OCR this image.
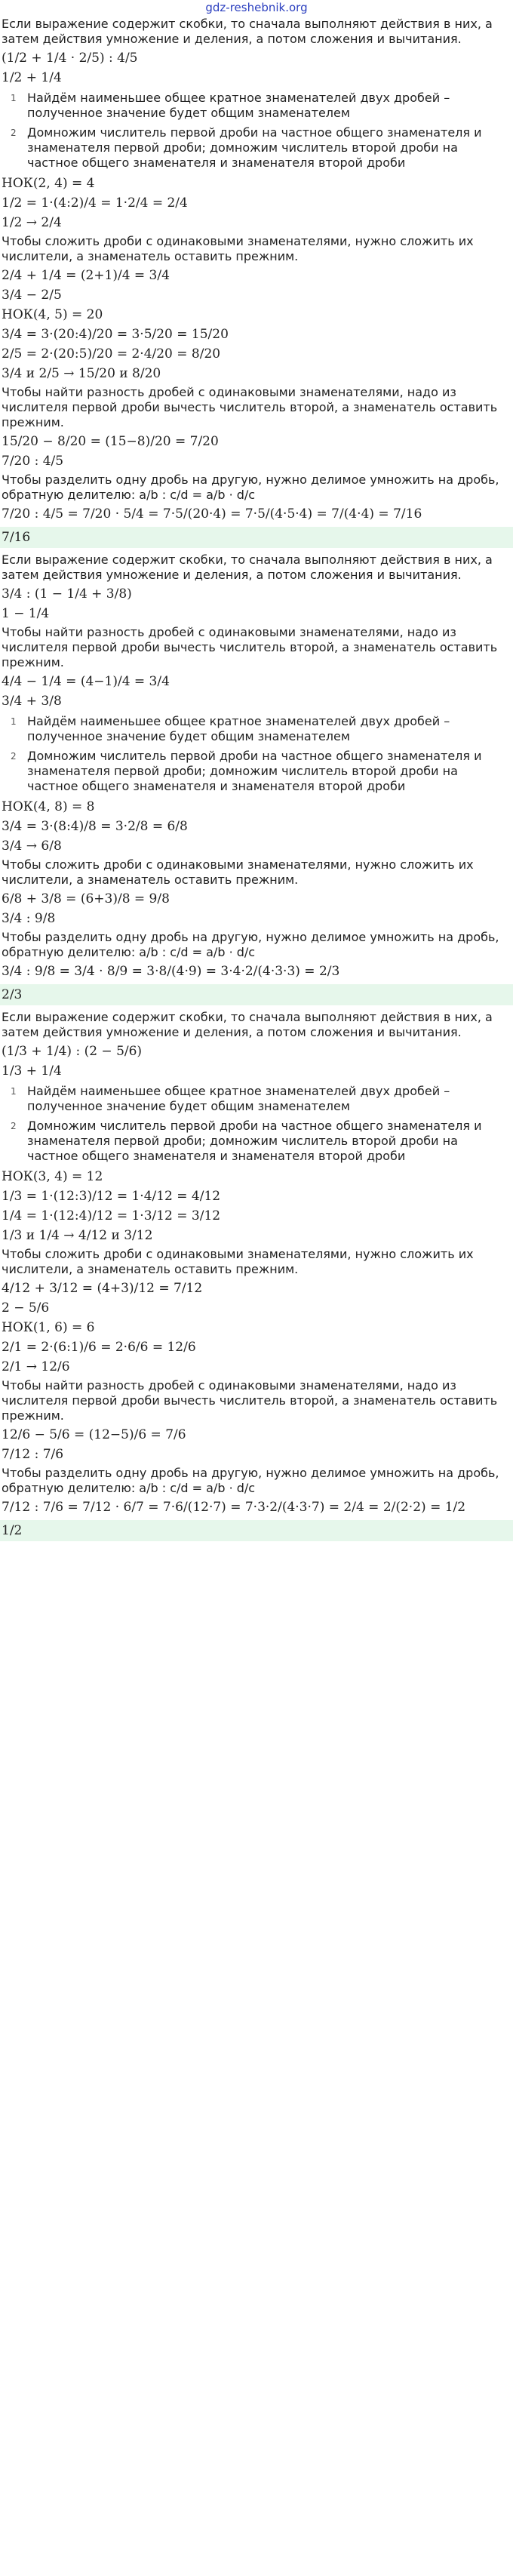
gdz-reshebnik.org

Если выражение содержит скобки, то сначала выполняют действия в них, а затем действия умножение и деления, а потом сложения и вычитания.

(1/2 + 1/4 · 2/5) : 4/5
1/2 + 1/4
1 Найдём наименьшее общее кратное знаменателей двух дробей – полученное значение будет общим знаменателем
2 Домножим числитель первой дроби на частное общего знаменателя и знаменателя первой дроби; домножим числитель второй дроби на частное общего знаменателя и знаменателя второй дроби
НОК(2, 4) = 4
1/2 = 1·(4:2)/4 = 1·2/4 = 2/4
1/2 → 2/4

Чтобы сложить дроби с одинаковыми знаменателями, нужно сложить их числители, а знаменатель оставить прежним.

2/4 + 1/4 = (2+1)/4 = 3/4
3/4 − 2/5
НОК(4, 5) = 20
3/4 = 3·(20:4)/20 = 3·5/20 = 15/20
2/5 = 2·(20:5)/20 = 2·4/20 = 8/20
3/4 и 2/5 → 15/20 и 8/20

Чтобы найти разность дробей с одинаковыми знаменателями, надо из числителя первой дроби вычесть числитель второй, а знаменатель оставить прежним.

15/20 − 8/20 = (15−8)/20 = 7/20
7/20 : 4/5

Чтобы разделить одну дробь на другую, нужно делимое умножить на дробь, обратную делителю: a/b : c/d = a/b · d/c

7/20 : 4/5 = 7/20 · 5/4 = 7·5/(20·4) = 7·5/(4·5·4) = 7/(4·4) = 7/16
7/16

Если выражение содержит скобки, то сначала выполняют действия в них, а затем действия умножение и деления, а потом сложения и вычитания.

3/4 : (1 − 1/4 + 3/8)
1 − 1/4

Чтобы найти разность дробей с одинаковыми знаменателями, надо из числителя первой дроби вычесть числитель второй, а знаменатель оставить прежним.

4/4 − 1/4 = (4−1)/4 = 3/4
3/4 + 3/8
1 Найдём наименьшее общее кратное знаменателей двух дробей – полученное значение будет общим знаменателем
2 Домножим числитель первой дроби на частное общего знаменателя и знаменателя первой дроби; домножим числитель второй дроби на частное общего знаменателя и знаменателя второй дроби
НОК(4, 8) = 8
3/4 = 3·(8:4)/8 = 3·2/8 = 6/8
3/4 → 6/8

Чтобы сложить дроби с одинаковыми знаменателями, нужно сложить их числители, а знаменатель оставить прежним.

6/8 + 3/8 = (6+3)/8 = 9/8
3/4 : 9/8

Чтобы разделить одну дробь на другую, нужно делимое умножить на дробь, обратную делителю: a/b : c/d = a/b · d/c

3/4 : 9/8 = 3/4 · 8/9 = 3·8/(4·9) = 3·4·2/(4·3·3) = 2/3
2/3

Если выражение содержит скобки, то сначала выполняют действия в них, а затем действия умножение и деления, а потом сложения и вычитания.

(1/3 + 1/4) : (2 − 5/6)
1/3 + 1/4
1 Найдём наименьшее общее кратное знаменателей двух дробей – полученное значение будет общим знаменателем
2 Домножим числитель первой дроби на частное общего знаменателя и знаменателя первой дроби; домножим числитель второй дроби на частное общего знаменателя и знаменателя второй дроби
НОК(3, 4) = 12
1/3 = 1·(12:3)/12 = 1·4/12 = 4/12
1/4 = 1·(12:4)/12 = 1·3/12 = 3/12
1/3 и 1/4 → 4/12 и 3/12

Чтобы сложить дроби с одинаковыми знаменателями, нужно сложить их числители, а знаменатель оставить прежним.

4/12 + 3/12 = (4+3)/12 = 7/12
2 − 5/6
НОК(1, 6) = 6
2/1 = 2·(6:1)/6 = 2·6/6 = 12/6
2/1 → 12/6

Чтобы найти разность дробей с одинаковыми знаменателями, надо из числителя первой дроби вычесть числитель второй, а знаменатель оставить прежним.

12/6 − 5/6 = (12−5)/6 = 7/6
7/12 : 7/6

Чтобы разделить одну дробь на другую, нужно делимое умножить на дробь, обратную делителю: a/b : c/d = a/b · d/c

7/12 : 7/6 = 7/12 · 6/7 = 7·6/(12·7) = 7·3·2/(4·3·7) = 2/4 = 2/(2·2) = 1/2
1/2
